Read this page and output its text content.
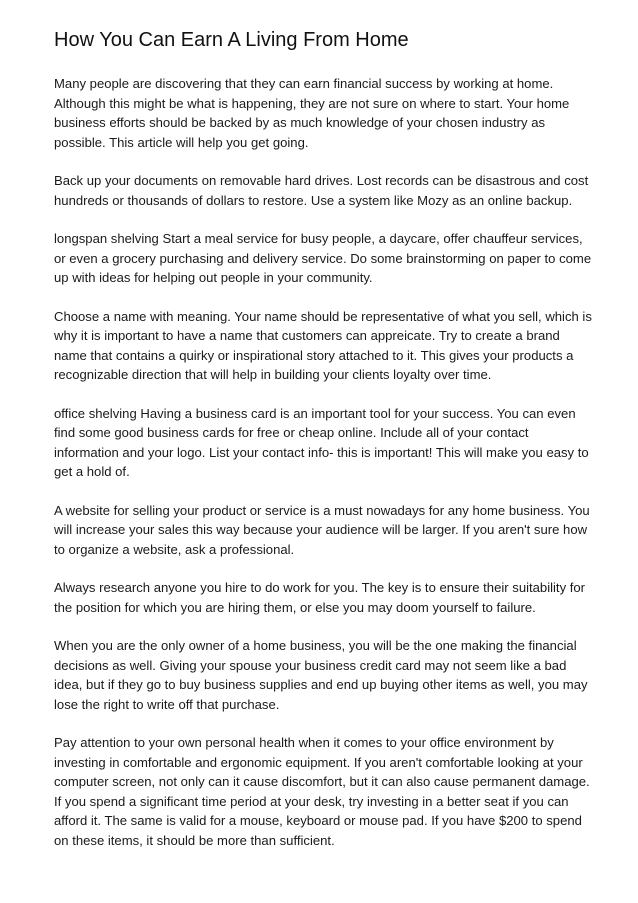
How You Can Earn A Living From Home

Many people are discovering that they can earn financial success by working at home. Although this might be what is happening, they are not sure on where to start. Your home business efforts should be backed by as much knowledge of your chosen industry as possible. This article will help you get going.

Back up your documents on removable hard drives. Lost records can be disastrous and cost hundreds or thousands of dollars to restore. Use a system like Mozy as an online backup.

longspan shelving Start a meal service for busy people, a daycare, offer chauffeur services, or even a grocery purchasing and delivery service. Do some brainstorming on paper to come up with ideas for helping out people in your community.

Choose a name with meaning. Your name should be representative of what you sell, which is why it is important to have a name that customers can appreicate. Try to create a brand name that contains a quirky or inspirational story attached to it. This gives your products a recognizable direction that will help in building your clients loyalty over time.

office shelving Having a business card is an important tool for your success. You can even find some good business cards for free or cheap online. Include all of your contact information and your logo. List your contact info- this is important! This will make you easy to get a hold of.

A website for selling your product or service is a must nowadays for any home business. You will increase your sales this way because your audience will be larger. If you aren't sure how to organize a website, ask a professional.

Always research anyone you hire to do work for you. The key is to ensure their suitability for the position for which you are hiring them, or else you may doom yourself to failure.

When you are the only owner of a home business, you will be the one making the financial decisions as well. Giving your spouse your business credit card may not seem like a bad idea, but if they go to buy business supplies and end up buying other items as well, you may lose the right to write off that purchase.

Pay attention to your own personal health when it comes to your office environment by investing in comfortable and ergonomic equipment. If you aren't comfortable looking at your computer screen, not only can it cause discomfort, but it can also cause permanent damage. If you spend a significant time period at your desk, try investing in a better seat if you can afford it. The same is valid for a mouse, keyboard or mouse pad. If you have $200 to spend on these items, it should be more than sufficient.
